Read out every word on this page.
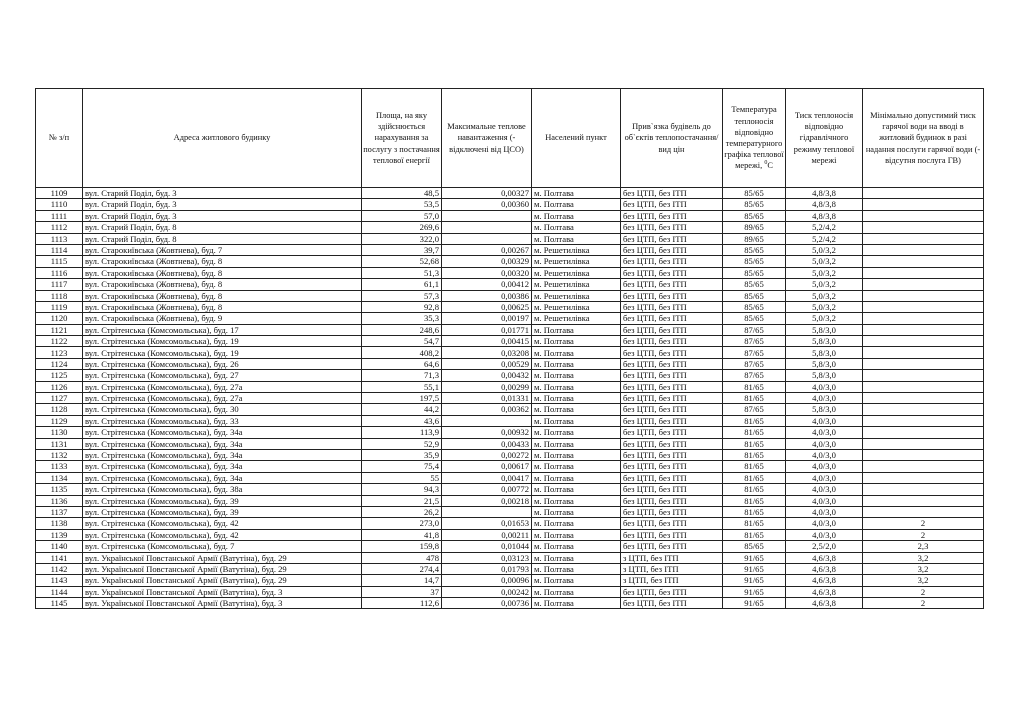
№ з/п	Адреса житлового будинку	Площа, на яку здійснюється нарахування за послугу з постачання теплової енергії	Максимальне теплове навантаження (-відключені від ЦСО)	Населений пункт	Прив`язка будівель до об`єктів теплопостачання/ вид цін	Температура теплоносія відповідно температурного графіка теплової мережі, $^0$C	Тиск теплоносія відповідно гідравлічного режиму теплової мережі	Мінімально допустимий тиск гарячої води на вводі в житловий будинок в разі надання послуги гарячої води (-відсутня послуга ГВ)
1109	вул. Старий Поділ, буд. 3	48,5	0,00327	м. Полтава	без ЦТП, без ІТП	85/65	4,8/3,8	
1110	вул. Старий Поділ, буд. 3	53,5	0,00360	м. Полтава	без ЦТП, без ІТП	85/65	4,8/3,8	
1111	вул. Старий Поділ, буд. 3	57,0		м. Полтава	без ЦТП, без ІТП	85/65	4,8/3,8	
1112	вул. Старий Поділ, буд. 8	269,6		м. Полтава	без ЦТП, без ІТП	89/65	5,2/4,2	
1113	вул. Старий Поділ, буд. 8	322,0		м. Полтава	без ЦТП, без ІТП	89/65	5,2/4,2	
1114	вул. Старокиївська (Жовтнева), буд. 7	39,7	0,00267	м. Решетилівка	без ЦТП, без ІТП	85/65	5,0/3,2	
1115	вул. Старокиївська (Жовтнева), буд. 8	52,68	0,00329	м. Решетилівка	без ЦТП, без ІТП	85/65	5,0/3,2	
1116	вул. Старокиївська (Жовтнева), буд. 8	51,3	0,00320	м. Решетилівка	без ЦТП, без ІТП	85/65	5,0/3,2	
1117	вул. Старокиївська (Жовтнева), буд. 8	61,1	0,00412	м. Решетилівка	без ЦТП, без ІТП	85/65	5,0/3,2	
1118	вул. Старокиївська (Жовтнева), буд. 8	57,3	0,00386	м. Решетилівка	без ЦТП, без ІТП	85/65	5,0/3,2	
1119	вул. Старокиївська (Жовтнева), буд. 8	92,8	0,00625	м. Решетилівка	без ЦТП, без ІТП	85/65	5,0/3,2	
1120	вул. Старокиївська (Жовтнева), буд. 9	35,3	0,00197	м. Решетилівка	без ЦТП, без ІТП	85/65	5,0/3,2	
1121	вул. Стрітенська (Комсомольська), буд. 17	248,6	0,01771	м. Полтава	без ЦТП, без ІТП	87/65	5,8/3,0	
1122	вул. Стрітенська (Комсомольська), буд. 19	54,7	0,00415	м. Полтава	без ЦТП, без ІТП	87/65	5,8/3,0	
1123	вул. Стрітенська (Комсомольська), буд. 19	408,2	0,03208	м. Полтава	без ЦТП, без ІТП	87/65	5,8/3,0	
1124	вул. Стрітенська (Комсомольська), буд. 26	64,6	0,00529	м. Полтава	без ЦТП, без ІТП	87/65	5,8/3,0	
1125	вул. Стрітенська (Комсомольська), буд. 27	71,3	0,00432	м. Полтава	без ЦТП, без ІТП	87/65	5,8/3,0	
1126	вул. Стрітенська (Комсомольська), буд. 27а	55,1	0,00299	м. Полтава	без ЦТП, без ІТП	81/65	4,0/3,0	
1127	вул. Стрітенська (Комсомольська), буд. 27а	197,5	0,01331	м. Полтава	без ЦТП, без ІТП	81/65	4,0/3,0	
1128	вул. Стрітенська (Комсомольська), буд. 30	44,2	0,00362	м. Полтава	без ЦТП, без ІТП	87/65	5,8/3,0	
1129	вул. Стрітенська (Комсомольська), буд. 33	43,6		м. Полтава	без ЦТП, без ІТП	81/65	4,0/3,0	
1130	вул. Стрітенська (Комсомольська), буд. 34а	113,9	0,00932	м. Полтава	без ЦТП, без ІТП	81/65	4,0/3,0	
1131	вул. Стрітенська (Комсомольська), буд. 34а	52,9	0,00433	м. Полтава	без ЦТП, без ІТП	81/65	4,0/3,0	
1132	вул. Стрітенська (Комсомольська), буд. 34а	35,9	0,00272	м. Полтава	без ЦТП, без ІТП	81/65	4,0/3,0	
1133	вул. Стрітенська (Комсомольська), буд. 34а	75,4	0,00617	м. Полтава	без ЦТП, без ІТП	81/65	4,0/3,0	
1134	вул. Стрітенська (Комсомольська), буд. 34а	55	0,00417	м. Полтава	без ЦТП, без ІТП	81/65	4,0/3,0	
1135	вул. Стрітенська (Комсомольська), буд. 38а	94,3	0,00772	м. Полтава	без ЦТП, без ІТП	81/65	4,0/3,0	
1136	вул. Стрітенська (Комсомольська), буд. 39	21,5	0,00218	м. Полтава	без ЦТП, без ІТП	81/65	4,0/3,0	
1137	вул. Стрітенська (Комсомольська), буд. 39	26,2		м. Полтава	без ЦТП, без ІТП	81/65	4,0/3,0	
1138	вул. Стрітенська (Комсомольська), буд. 42	273,0	0,01653	м. Полтава	без ЦТП, без ІТП	81/65	4,0/3,0	2
1139	вул. Стрітенська (Комсомольська), буд. 42	41,8	0,00211	м. Полтава	без ЦТП, без ІТП	81/65	4,0/3,0	2
1140	вул. Стрітенська (Комсомольська), буд. 7	159,8	0,01044	м. Полтава	без ЦТП, без ІТП	85/65	2,5/2,0	2,3
1141	вул. Української Повстанської Армії (Ватутіна), буд. 29	478	0,03123	м. Полтава	з ЦТП, без ІТП	91/65	4,6/3,8	3,2
1142	вул. Української Повстанської Армії (Ватутіна), буд. 29	274,4	0,01793	м. Полтава	з ЦТП, без ІТП	91/65	4,6/3,8	3,2
1143	вул. Української Повстанської Армії (Ватутіна), буд. 29	14,7	0,00096	м. Полтава	з ЦТП, без ІТП	91/65	4,6/3,8	3,2
1144	вул. Української Повстанської Армії (Ватутіна), буд. 3	37	0,00242	м. Полтава	без ЦТП, без ІТП	91/65	4,6/3,8	2
1145	вул. Української Повстанської Армії (Ватутіна), буд. 3	112,6	0,00736	м. Полтава	без ЦТП, без ІТП	91/65	4,6/3,8	2
